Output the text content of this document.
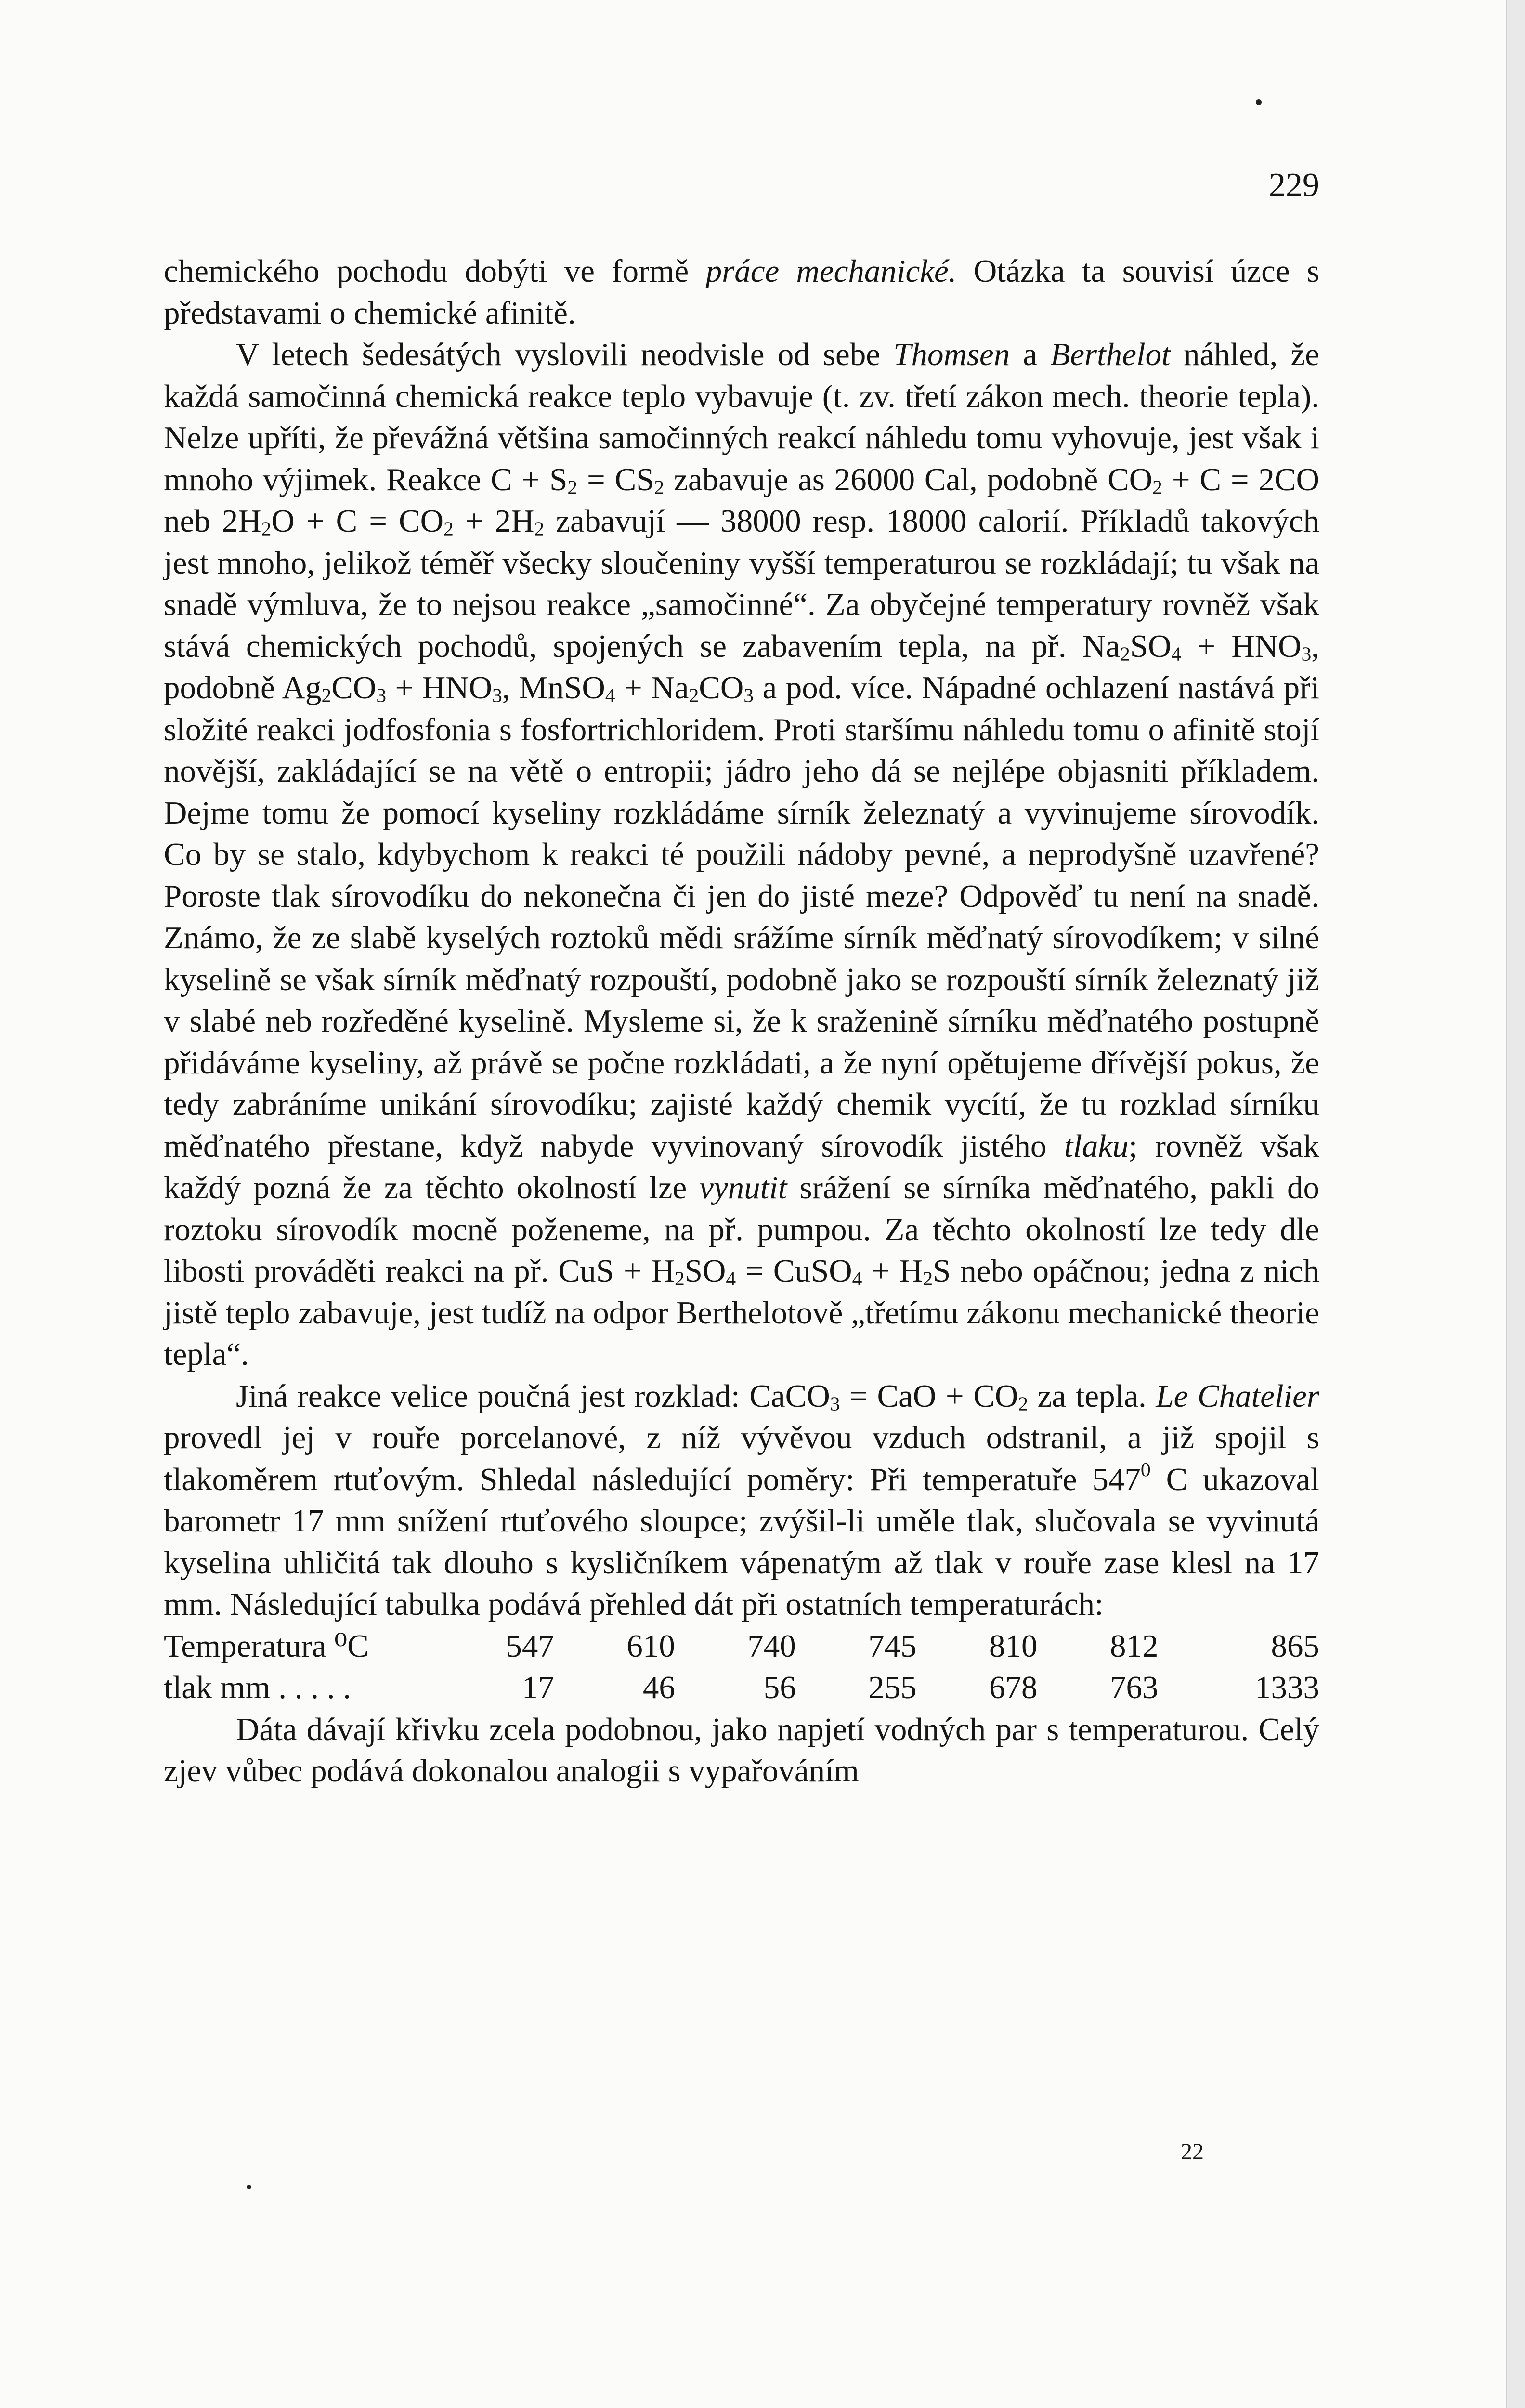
229

chemického pochodu dobýti ve formě práce mechanické. Otázka ta souvisí úzce s představami o chemické afinitě.

V letech šedesátých vyslovili neodvisle od sebe Thomsen a Berthelot náhled, že každá samočinná chemická reakce teplo vybavuje (t. zv. třetí zákon mech. theorie tepla). Nelze upříti, že převážná většina samočinných reakcí náhledu tomu vyhovuje, jest však i mnoho výjimek. Reakce $C + S_2 = CS_2$ zabavuje as 26000 Cal, podobně $CO_2 + C = 2CO$ neb $2H_2O + C = CO_2 + 2H_2$ zabavují — 38000 resp. 18000 calorií. Příkladů takových jest mnoho, jelikož téměř všecky sloučeniny vyšší temperaturou se rozkládají; tu však na snadě výmluva, že to nejsou reakce „samočinné“. Za obyčejné temperatury rovněž však stává chemických pochodů, spojených se zabavením tepla, na př. $Na_2SO_4 + HNO_3$, podobně $Ag_2CO_3 + HNO_3$, MnSO$_4$ + $Na_2CO_3$ a pod. více. Nápadné ochlazení nastává při složité reakci jodfosfonia s fosfortrichloridem. Proti staršímu náhledu tomu o afinitě stojí novější, zakládající se na větě o entropii; jádro jeho dá se nejlépe objasniti příkladem. Dejme tomu že pomocí kyseliny rozkládáme sírník železnatý a vyvinujeme sírovodík. Co by se stalo, kdybychom k reakci té použili nádoby pevné, a neprodyšně uzavřené? Poroste tlak sírovodíku do nekonečna či jen do jisté meze? Odpověď tu není na snadě. Známo, že ze slabě kyselých roztoků mědi srážíme sírník měďnatý sírovodíkem; v silné kyselině se však sírník měďnatý rozpouští, podobně jako se rozpouští sírník železnatý již v slabé neb rozředěné kyselině. Mysleme si, že k sraženině sírníku měďnatého postupně přidáváme kyseliny, až právě se počne rozkládati, a že nyní opětujeme dřívější pokus, že tedy zabráníme unikání sírovodíku; zajisté každý chemik vycítí, že tu rozklad sírníku měďnatého přestane, když nabyde vyvinovaný sírovodík jistého tlaku; rovněž však každý pozná že za těchto okolností lze vynutit srážení se sírníka měďnatého, pakli do roztoku sírovodík mocně poženeme, na př. pumpou. Za těchto okolností lze tedy dle libosti prováděti reakci na př. CuS + $H_2SO_4$ = CuSO$_4$ + $H_2S$ nebo opáčnou; jedna z nich jistě teplo zabavuje, jest tudíž na odpor Berthelotově „třetímu zákonu mechanické theorie tepla“.

Jiná reakce velice poučná jest rozklad: CaCO$_3$ = CaO + $CO_2$ za tepla. Le Chatelier provedl jej v rouře porcelanové, z níž vývěvou vzduch odstranil, a již spojil s tlakoměrem rtuťovým. Shledal následující poměry: Při temperatuře $547^0$ C ukazoval barometr 17 mm snížení rtuťového sloupce; zvýšil-li uměle tlak, slučovala se vyvinutá kyselina uhličitá tak dlouho s kysličníkem vápenatým až tlak v rouře zase klesl na 17 mm. Následující tabulka podává přehled dát při ostatních temperaturách:

Temperatura ⁰C	547	610	740	745	810	812	865
tlak mm . . . . .	17	46	56	255	678	763	1333

Dáta dávají křivku zcela podobnou, jako napjetí vodných par s temperaturou. Celý zjev vůbec podává dokonalou analogii s vypařováním

22
